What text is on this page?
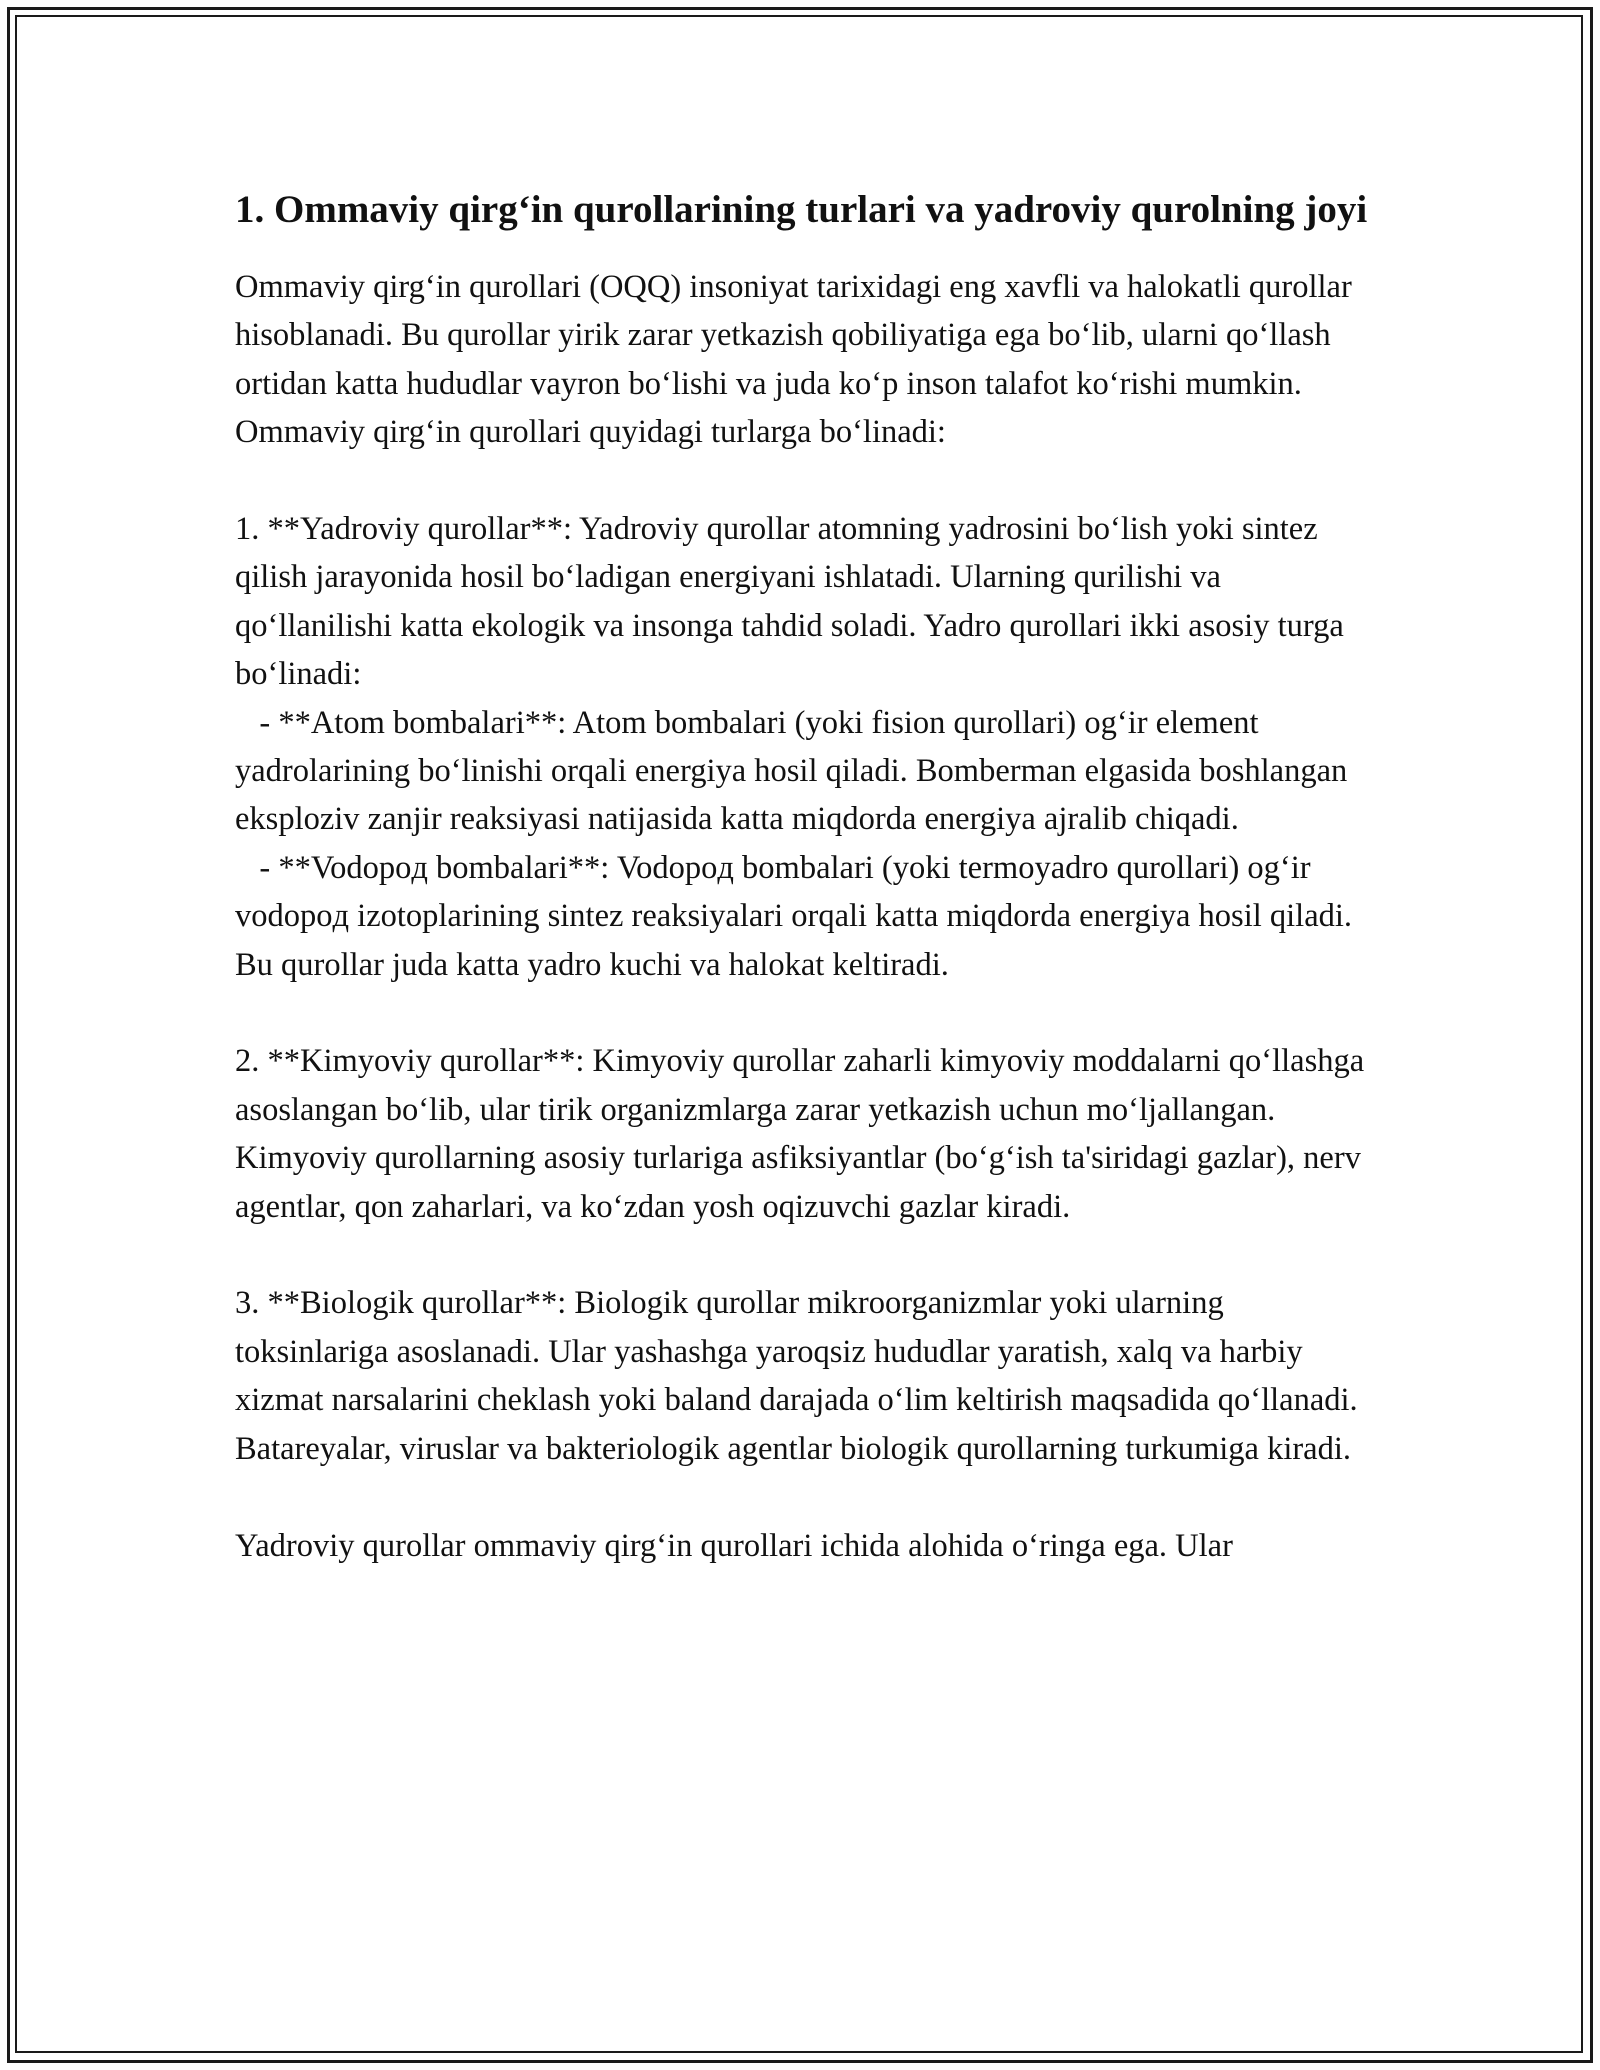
1. Ommaviy qirg‘in qurollarining turlari va yadroviy qurolning joyi

Ommaviy qirg‘in qurollari (OQQ) insoniyat tarixidagi eng xavfli va halokatli qurollar hisoblanadi. Bu qurollar yirik zarar yetkazish qobiliyatiga ega bo‘lib, ularni qo‘llash ortidan katta hududlar vayron bo‘lishi va juda ko‘p inson talafot ko‘rishi mumkin. Ommaviy qirg‘in qurollari quyidagi turlarga bo‘linadi:

1. **Yadroviy qurollar**: Yadroviy qurollar atomning yadrosini bo‘lish yoki sintez qilish jarayonida hosil bo‘ladigan energiyani ishlatadi. Ularning qurilishi va qo‘llanilishi katta ekologik va insonga tahdid soladi. Yadro qurollari ikki asosiy turga bo‘linadi:
- **Atom bombalari**: Atom bombalari (yoki fision qurollari) og‘ir element yadrolarining bo‘linishi orqali energiya hosil qiladi. Bomberman elgasida boshlangan eksploziv zanjir reaksiyasi natijasida katta miqdorda energiya ajralib chiqadi.
- **Vodopoд bombalari**: Vodopoд bombalari (yoki termoyadro qurollari) og‘ir vodopoд izotoplarining sintez reaksiyalari orqali katta miqdorda energiya hosil qiladi. Bu qurollar juda katta yadro kuchi va halokat keltiradi.

2. **Kimyoviy qurollar**: Kimyoviy qurollar zaharli kimyoviy moddalarni qo‘llashga asoslangan bo‘lib, ular tirik organizmlarga zarar yetkazish uchun mo‘ljallangan. Kimyoviy qurollarning asosiy turlariga asfiksiyantlar (bo‘g‘ish ta'siridagi gazlar), nerv agentlar, qon zaharlari, va ko‘zdan yosh oqizuvchi gazlar kiradi.

3. **Biologik qurollar**: Biologik qurollar mikroorganizmlar yoki ularning toksinlariga asoslanadi. Ular yashashga yaroqsiz hududlar yaratish, xalq va harbiy xizmat narsalarini cheklash yoki baland darajada o‘lim keltirish maqsadida qo‘llanadi. Batareyalar, viruslar va bakteriologik agentlar biologik qurollarning turkumiga kiradi.

Yadroviy qurollar ommaviy qirg‘in qurollari ichida alohida o‘ringa ega. Ular
